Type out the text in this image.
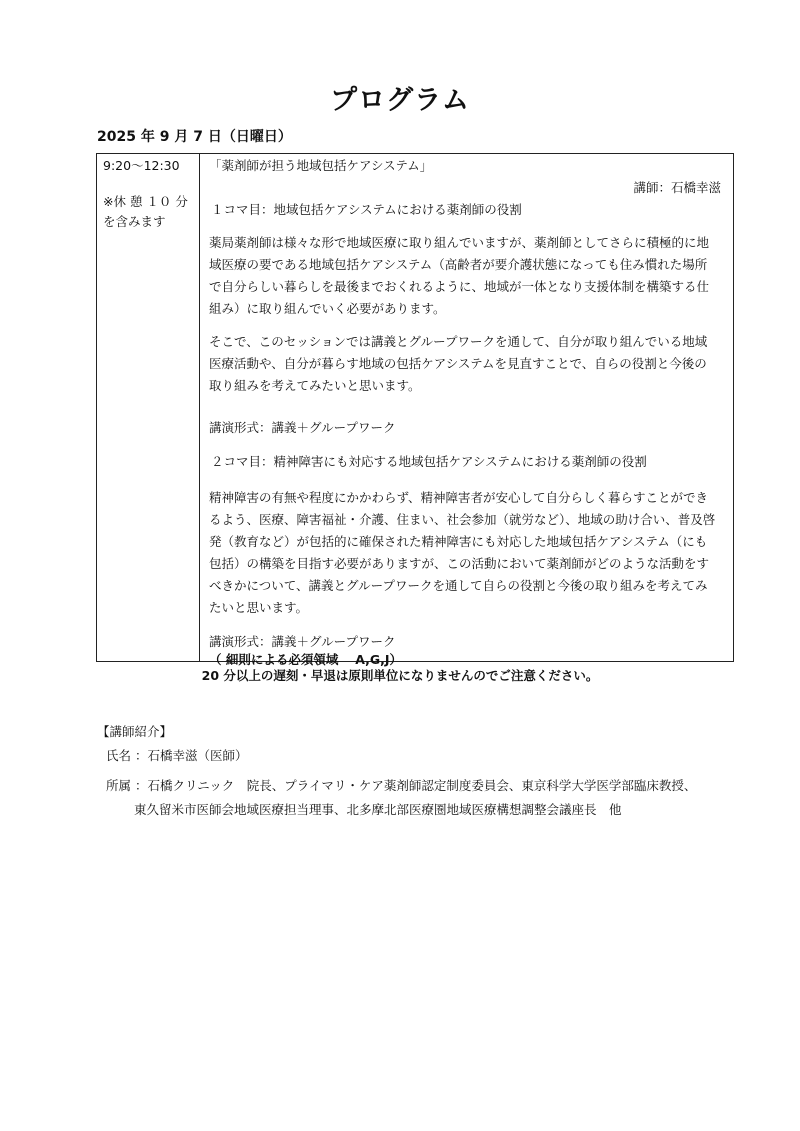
プログラム
2025 年 9 月 7 日（日曜日）
9:20～12:30
※休 憩 １０ 分
を含みます
「薬剤師が担う地域包括ケアシステム」
講師：石橋幸滋
１コマ目：地域包括ケアシステムにおける薬剤師の役割
薬局薬剤師は様々な形で地域医療に取り組んでいますが、薬剤師としてさらに積極的に地
域医療の要である地域包括ケアシステム（高齢者が要介護状態になっても住み慣れた場所
で自分らしい暮らしを最後までおくれるように、地域が一体となり支援体制を構築する仕
組み）に取り組んでいく必要があります。
そこで、このセッションでは講義とグループワークを通して、自分が取り組んでいる地域
医療活動や、自分が暮らす地域の包括ケアシステムを見直すことで、自らの役割と今後の
取り組みを考えてみたいと思います。
講演形式：講義＋グループワーク
２コマ目：精神障害にも対応する地域包括ケアシステムにおける薬剤師の役割
精神障害の有無や程度にかかわらず、精神障害者が安心して自分らしく暮らすことができ
るよう、医療、障害福祉・介護、住まい、社会参加（就労など）、地域の助け合い、普及啓
発（教育など）が包括的に確保された精神障害にも対応した地域包括ケアシステム（にも
包括）の構築を目指す必要がありますが、この活動において薬剤師がどのような活動をす
べきかについて、講義とグループワークを通して自らの役割と今後の取り組みを考えてみ
たいと思います。
講演形式：講義＋グループワーク
（ 細則による必須領域　 A,G,J）
20 分以上の遅刻・早退は原則単位になりませんのでご注意ください。
【講師紹介】
氏名 ：石橋幸滋（医師）
所属 ：石橋クリニック　院長、プライマリ・ケア薬剤師認定制度委員会、東京科学大学医学部臨床教授、
東久留米市医師会地域医療担当理事、北多摩北部医療圏地域医療構想調整会議座長　他
